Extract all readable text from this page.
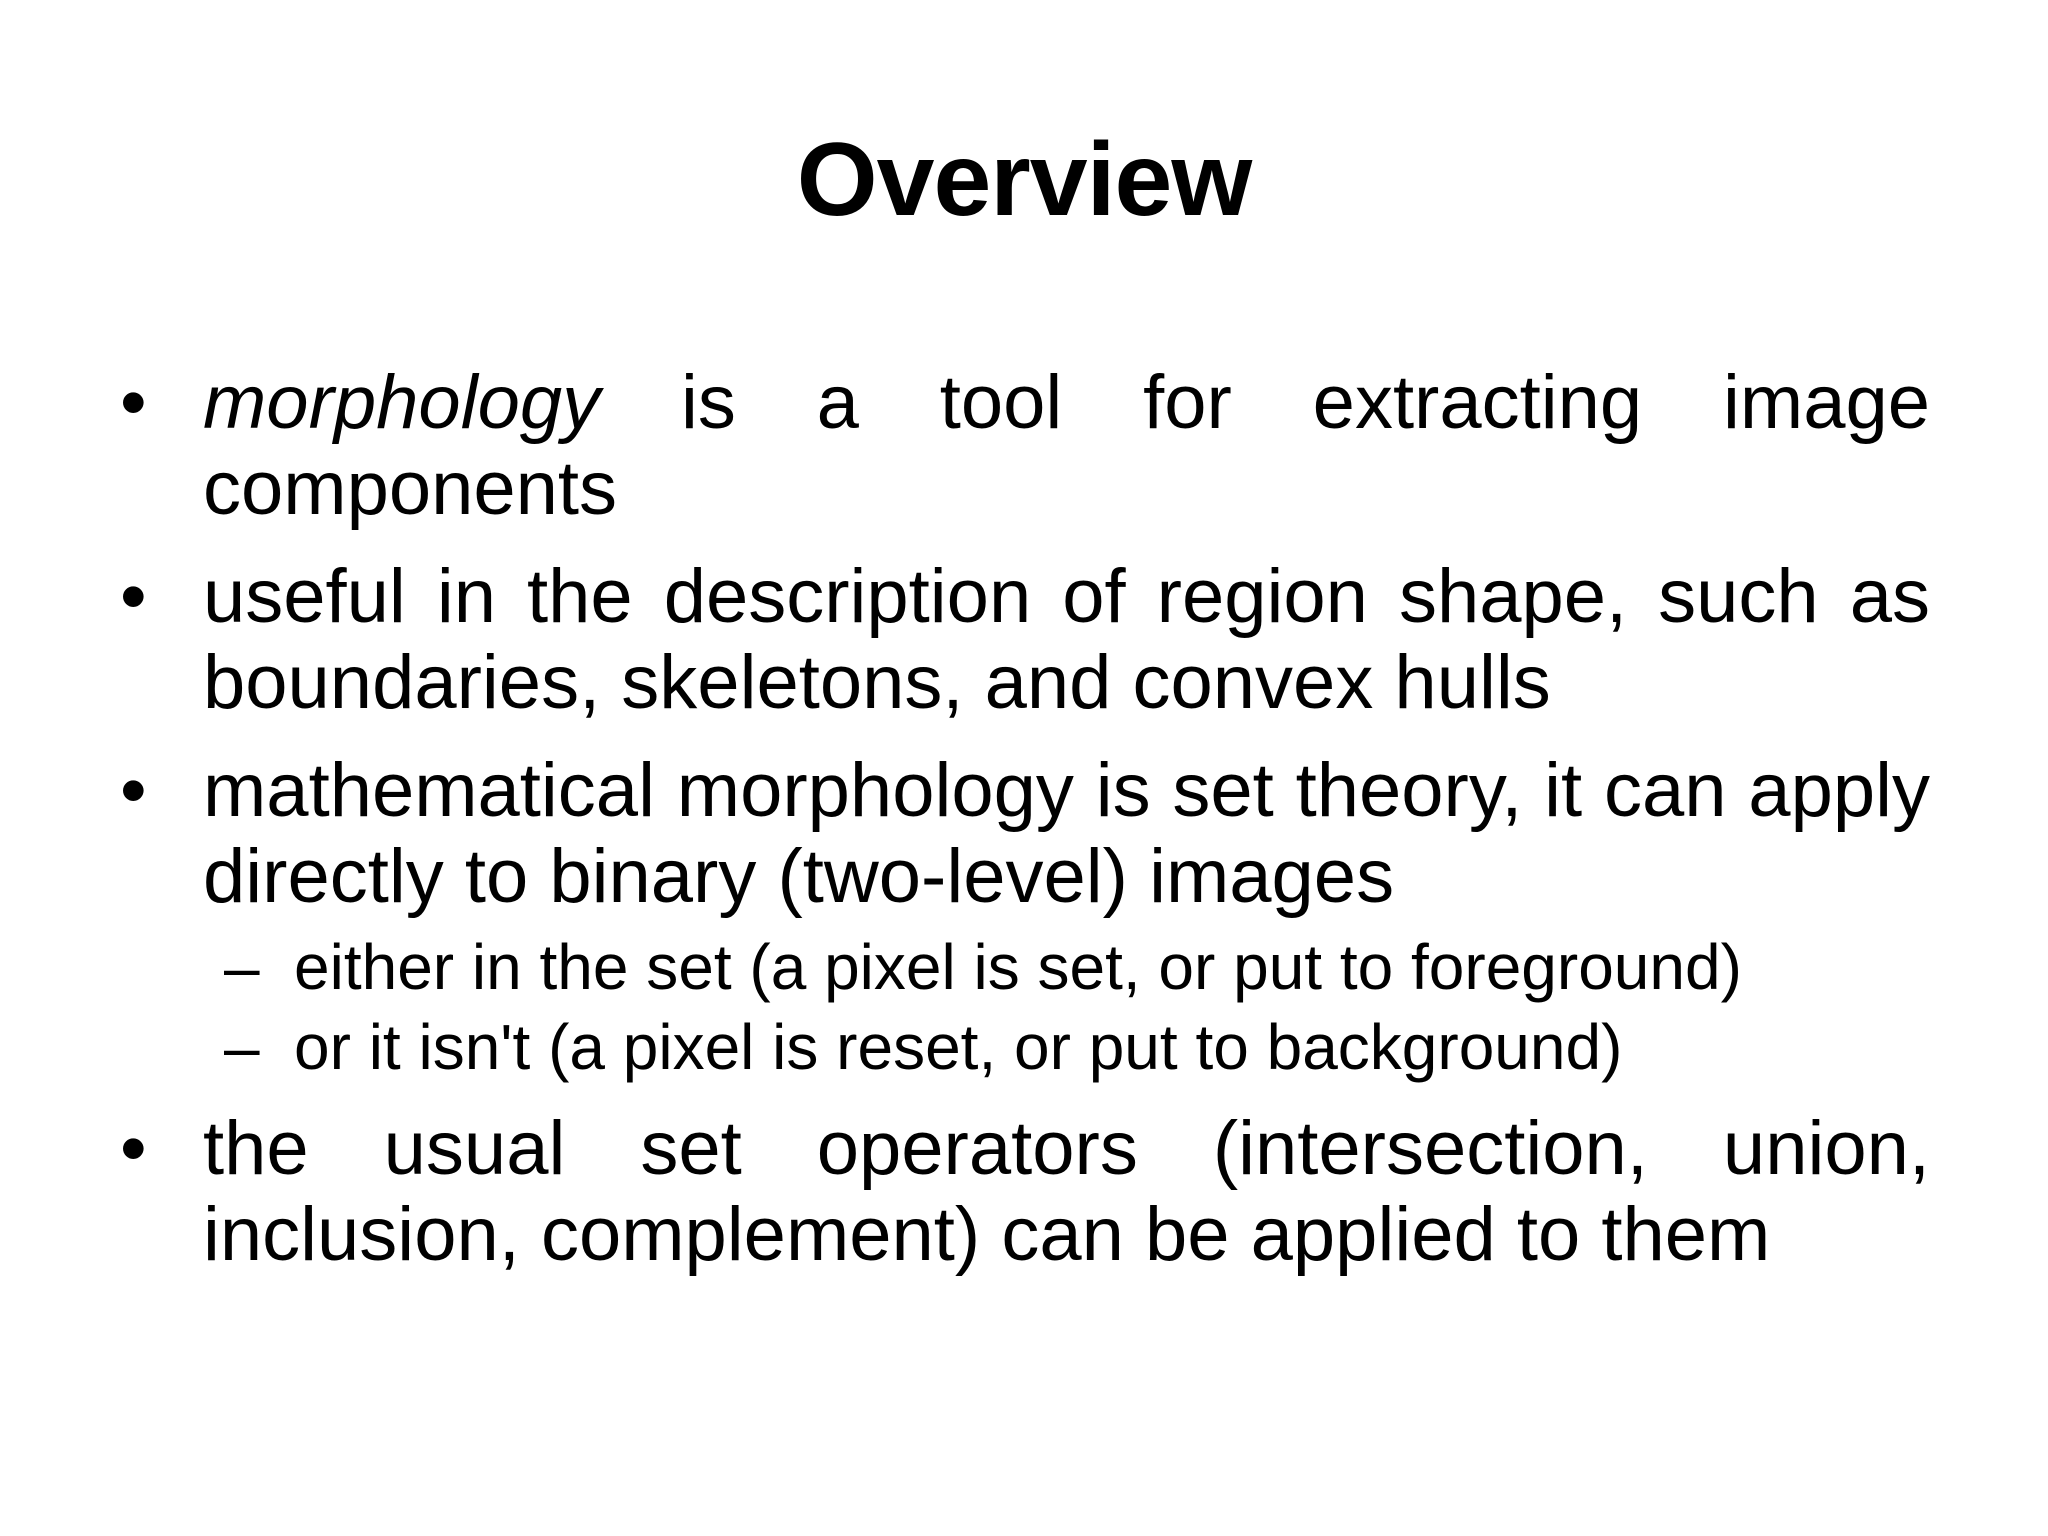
Overview
• morphology is a tool for extracting image components
• useful in the description of region shape, such as boundaries, skeletons, and convex hulls
• mathematical morphology is set theory, it can apply directly to binary (two-level) images
– either in the set (a pixel is set, or put to foreground)
– or it isn't (a pixel is reset, or put to background)
• the usual set operators (intersection, union, inclusion, complement) can be applied to them
